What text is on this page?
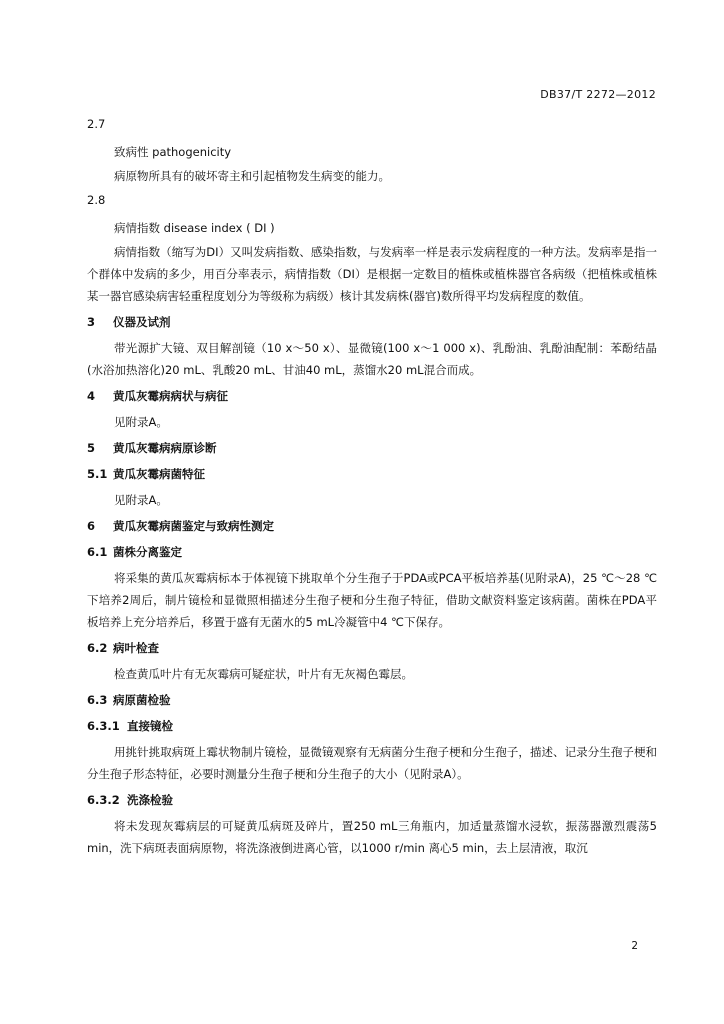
DB37/T 2272—2012
2.7
致病性 pathogenicity

病原物所具有的破坏寄主和引起植物发生病变的能力。

2.8
病情指数 disease index ( DI )

病情指数（缩写为DI）又叫发病指数、感染指数，与发病率一样是表示发病程度的一种方法。发病率是指一个群体中发病的多少，用百分率表示，病情指数（DI）是根据一定数目的植株或植株器官各病级（把植株或植株某一器官感染病害轻重程度划分为等级称为病级）核计其发病株(器官)数所得平均发病程度的数值。

3 仪器及试剂

带光源扩大镜、双目解剖镜（10 x～50 x）、显微镜(100 x～1 000 x)、乳酚油、乳酚油配制：苯酚结晶(水浴加热溶化)20 mL、乳酸20 mL、甘油40 mL，蒸馏水20 mL混合而成。

4 黄瓜灰霉病病状与病征

见附录A。

5 黄瓜灰霉病病原诊断
5.1 黄瓜灰霉病菌特征

见附录A。

6 黄瓜灰霉病菌鉴定与致病性测定
6.1 菌株分离鉴定

将采集的黄瓜灰霉病标本于体视镜下挑取单个分生孢子于PDA或PCA平板培养基(见附录A)，25 ℃～28 ℃下培养2周后，制片镜检和显微照相描述分生孢子梗和分生孢子特征，借助文献资料鉴定该病菌。菌株在PDA平板培养上充分培养后，移置于盛有无菌水的5 mL冷凝管中4 ℃下保存。

6.2 病叶检查

检查黄瓜叶片有无灰霉病可疑症状，叶片有无灰褐色霉层。

6.3 病原菌检验
6.3.1 直接镜检

用挑针挑取病斑上霉状物制片镜检，显微镜观察有无病菌分生孢子梗和分生孢子，描述、记录分生孢子梗和分生孢子形态特征，必要时测量分生孢子梗和分生孢子的大小（见附录A）。

6.3.2 洗涤检验

将未发现灰霉病层的可疑黄瓜病斑及碎片，置250 mL三角瓶内，加适量蒸馏水浸软，振荡器激烈震荡5 min，洗下病斑表面病原物，将洗涤液倒进离心管，以1000 r/min 离心5 min，去上层清液，取沉

2
